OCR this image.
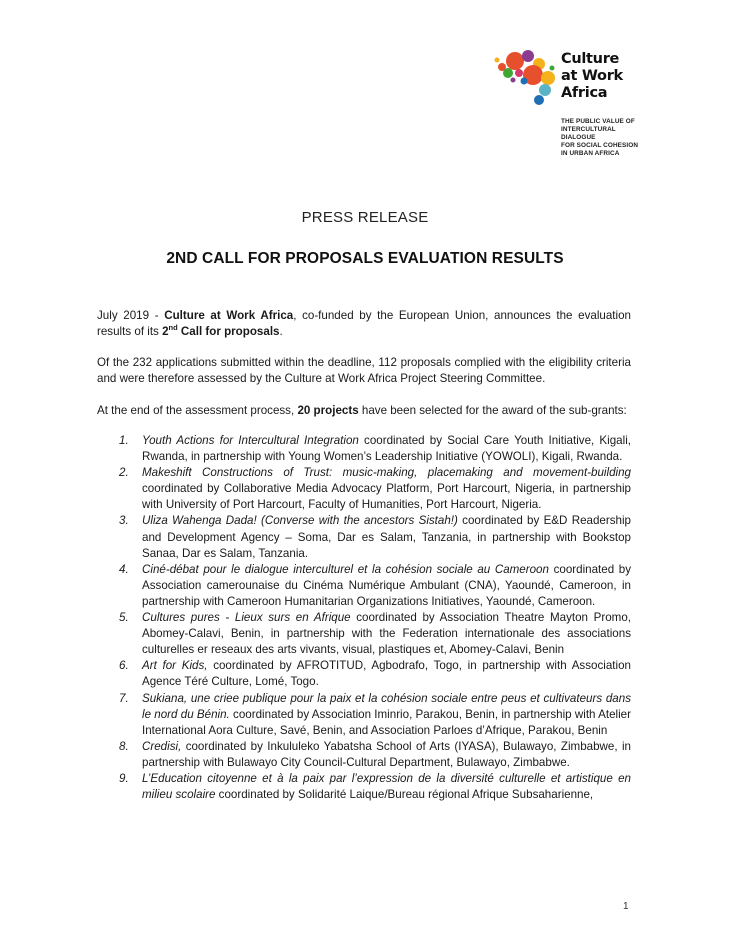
Culture
at Work
Africa
THE PUBLIC VALUE OF
INTERCULTURAL DIALOGUE
FOR SOCIAL COHESION
IN URBAN AFRICA
PRESS RELEASE
2ND CALL FOR PROPOSALS EVALUATION RESULTS
July 2019 - Culture at Work Africa, co-funded by the European Union, announces the evaluation results of its 2nd Call for proposals.
Of the 232 applications submitted within the deadline, 112 proposals complied with the eligibility criteria and were therefore assessed by the Culture at Work Africa Project Steering Committee.
At the end of the assessment process, 20 projects have been selected for the award of the sub-grants:
1. Youth Actions for Intercultural Integration coordinated by Social Care Youth Initiative, Kigali, Rwanda, in partnership with Young Women’s Leadership Initiative (YOWOLI), Kigali, Rwanda.
2. Makeshift Constructions of Trust: music-making, placemaking and movement-building coordinated by Collaborative Media Advocacy Platform, Port Harcourt, Nigeria, in partnership with University of Port Harcourt, Faculty of Humanities, Port Harcourt, Nigeria.
3. Uliza Wahenga Dada! (Converse with the ancestors Sistah!) coordinated by E&D Readership and Development Agency – Soma, Dar es Salam, Tanzania, in partnership with Bookstop Sanaa, Dar es Salam, Tanzania.
4. Ciné-débat pour le dialogue interculturel et la cohésion sociale au Cameroon coordinated by Association camerounaise du Cinéma Numérique Ambulant (CNA), Yaoundé, Cameroon, in partnership with Cameroon Humanitarian Organizations Initiatives, Yaoundé, Cameroon.
5. Cultures pures - Lieux surs en Afrique coordinated by Association Theatre Mayton Promo, Abomey-Calavi, Benin, in partnership with the Federation internationale des associations culturelles er reseaux des arts vivants, visual, plastiques et, Abomey-Calavi, Benin
6. Art for Kids, coordinated by AFROTITUD, Agbodrafo, Togo, in partnership with Association Agence Téré Culture, Lomé, Togo.
7. Sukiana, une criee publique pour la paix et la cohésion sociale entre peus et cultivateurs dans le nord du Bénin. coordinated by Association Iminrio, Parakou, Benin, in partnership with Atelier International Aora Culture, Savé, Benin, and Association Parloes d’Afrique, Parakou, Benin
8. Credisi, coordinated by Inkululeko Yabatsha School of Arts (IYASA), Bulawayo, Zimbabwe, in partnership with Bulawayo City Council-Cultural Department, Bulawayo, Zimbabwe.
9. L’Education citoyenne et à la paix par l’expression de la diversité culturelle et artistique en milieu scolaire coordinated by Solidarité Laique/Bureau régional Afrique Subsaharienne,
1
